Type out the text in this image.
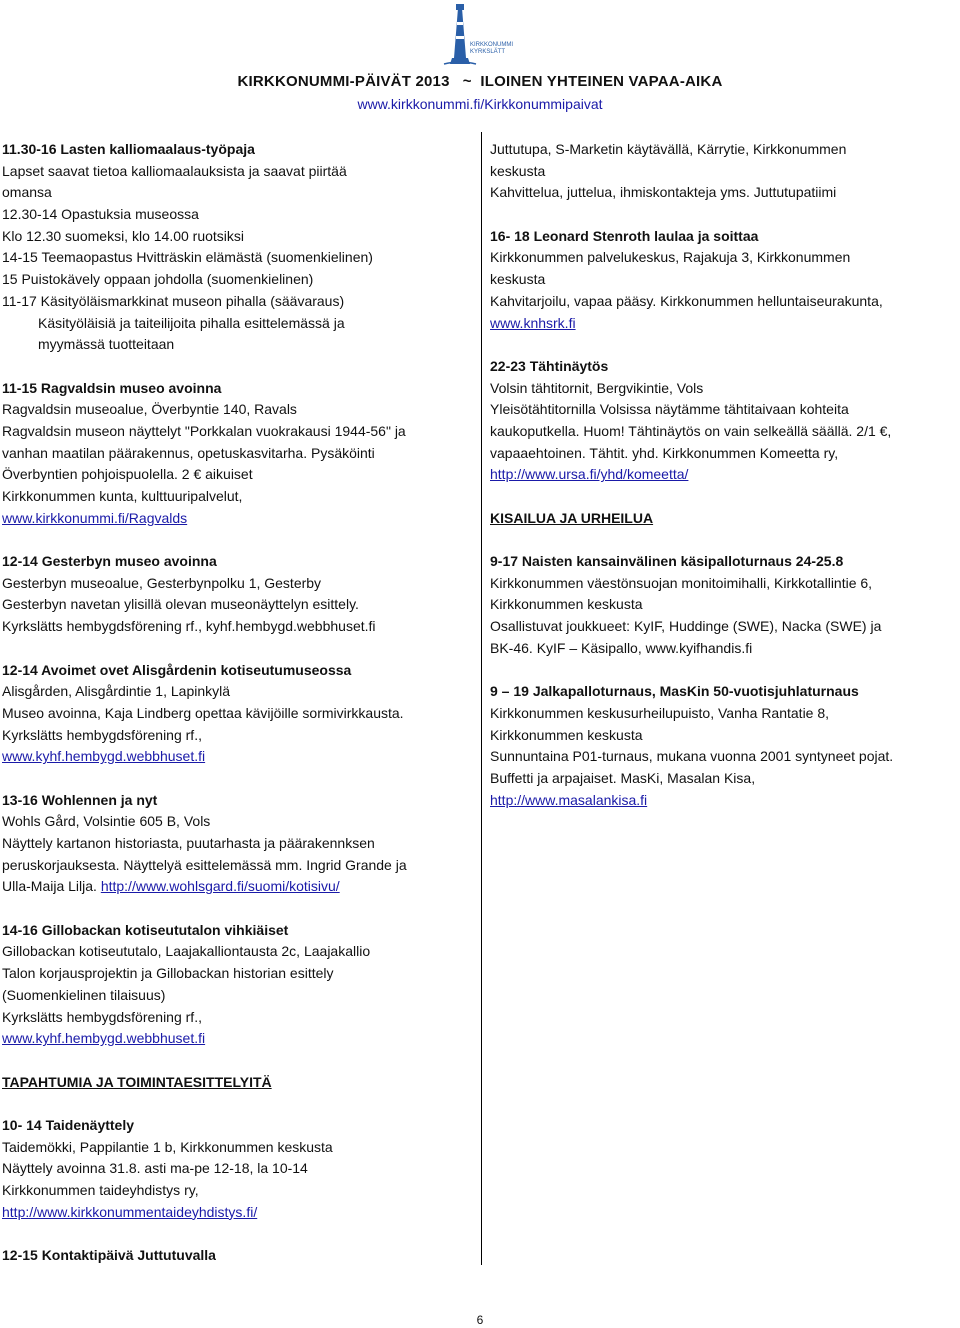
KIRKKONUMMI
KYRKSLÄTT
KIRKKONUMMI-PÄIVÄT 2013   ~  ILOINEN YHTEINEN VAPAA-AIKA
www.kirkkonummi.fi/Kirkkonummipaivat
11.30-16 Lasten kalliomaalaus-työpaja
Lapset saavat tietoa kalliomaalauksista ja saavat piirtää
omansa
12.30-14 Opastuksia museossa
Klo 12.30 suomeksi, klo 14.00 ruotsiksi
14-15 Teemaopastus Hvitträskin elämästä (suomenkielinen)
15 Puistokävely oppaan johdolla (suomenkielinen)
11-17 Käsityöläismarkkinat museon pihalla (säävaraus)
Käsityöläisiä ja taiteilijoita pihalla esittelemässä ja
myymässä tuotteitaan
11-15 Ragvaldsin museo avoinna
Ragvaldsin museoalue, Överbyntie 140, Ravals
Ragvaldsin museon näyttelyt "Porkkalan vuokrakausi 1944-56" ja
vanhan maatilan päärakennus, opetuskasvitarha. Pysäköinti
Överbyntien pohjoispuolella. 2 € aikuiset
Kirkkonummen kunta, kulttuuripalvelut,
www.kirkkonummi.fi/Ragvalds
12-14 Gesterbyn museo avoinna
Gesterbyn museoalue, Gesterbynpolku 1, Gesterby
Gesterbyn navetan ylisillä olevan museonäyttelyn esittely.
Kyrkslätts hembygdsförening rf., kyhf.hembygd.webbhuset.fi
12-14 Avoimet ovet Alisgårdenin kotiseutumuseossa
Alisgården, Alisgårdintie 1, Lapinkylä
Museo avoinna, Kaja Lindberg opettaa kävijöille sormivirkkausta.
Kyrkslätts hembygdsförening rf.,
www.kyhf.hembygd.webbhuset.fi
13-16 Wohlennen ja nyt
Wohls Gård, Volsintie 605 B, Vols
Näyttely kartanon historiasta, puutarhasta ja päärakennksen
peruskorjauksesta. Näyttelyä esittelemässä mm. Ingrid Grande ja
Ulla-Maija Lilja. http://www.wohlsgard.fi/suomi/kotisivu/
14-16 Gillobackan kotiseututalon vihkiäiset
Gillobackan kotiseututalo, Laajakalliontausta 2c, Laajakallio
Talon korjausprojektin ja Gillobackan historian esittely
(Suomenkielinen tilaisuus)
Kyrkslätts hembygdsförening rf.,
www.kyhf.hembygd.webbhuset.fi
TAPAHTUMIA JA TOIMINTAESITTELYITÄ
10- 14 Taidenäyttely
Taidemökki, Pappilantie 1 b, Kirkkonummen keskusta
Näyttely avoinna 31.8. asti ma-pe 12-18, la 10-14
Kirkkonummen taideyhdistys ry,
http://www.kirkkonummentaideyhdistys.fi/
12-15 Kontaktipäivä Juttutuvalla
Juttutupa, S-Marketin käytävällä, Kärrytie, Kirkkonummen
keskusta
Kahvittelua, juttelua, ihmiskontakteja yms. Juttutupatiimi
16- 18 Leonard Stenroth laulaa ja soittaa
Kirkkonummen palvelukeskus, Rajakuja 3, Kirkkonummen
keskusta
Kahvitarjoilu, vapaa pääsy. Kirkkonummen helluntaiseurakunta,
www.knhsrk.fi
22-23 Tähtinäytös
Volsin tähtitornit, Bergvikintie, Vols
Yleisötähtitornilla Volsissa näytämme tähtitaivaan kohteita
kaukoputkella. Huom! Tähtinäytös on vain selkeällä säällä. 2/1 €,
vapaaehtoinen. Tähtit. yhd. Kirkkonummen Komeetta ry,
http://www.ursa.fi/yhd/komeetta/
KISAILUA JA URHEILUA
9-17 Naisten kansainvälinen käsipalloturnaus 24-25.8
Kirkkonummen väestönsuojan monitoimihalli, Kirkkotallintie 6,
Kirkkonummen keskusta
Osallistuvat joukkueet: KyIF, Huddinge (SWE), Nacka (SWE) ja
BK-46. KyIF – Käsipallo, www.kyifhandis.fi
9 – 19 Jalkapalloturnaus, MasKin 50-vuotisjuhlaturnaus
Kirkkonummen keskusurheilupuisto, Vanha Rantatie 8,
Kirkkonummen keskusta
Sunnuntaina P01-turnaus, mukana vuonna 2001 syntyneet pojat.
Buffetti ja arpajaiset. MasKi, Masalan Kisa,
http://www.masalankisa.fi
6
